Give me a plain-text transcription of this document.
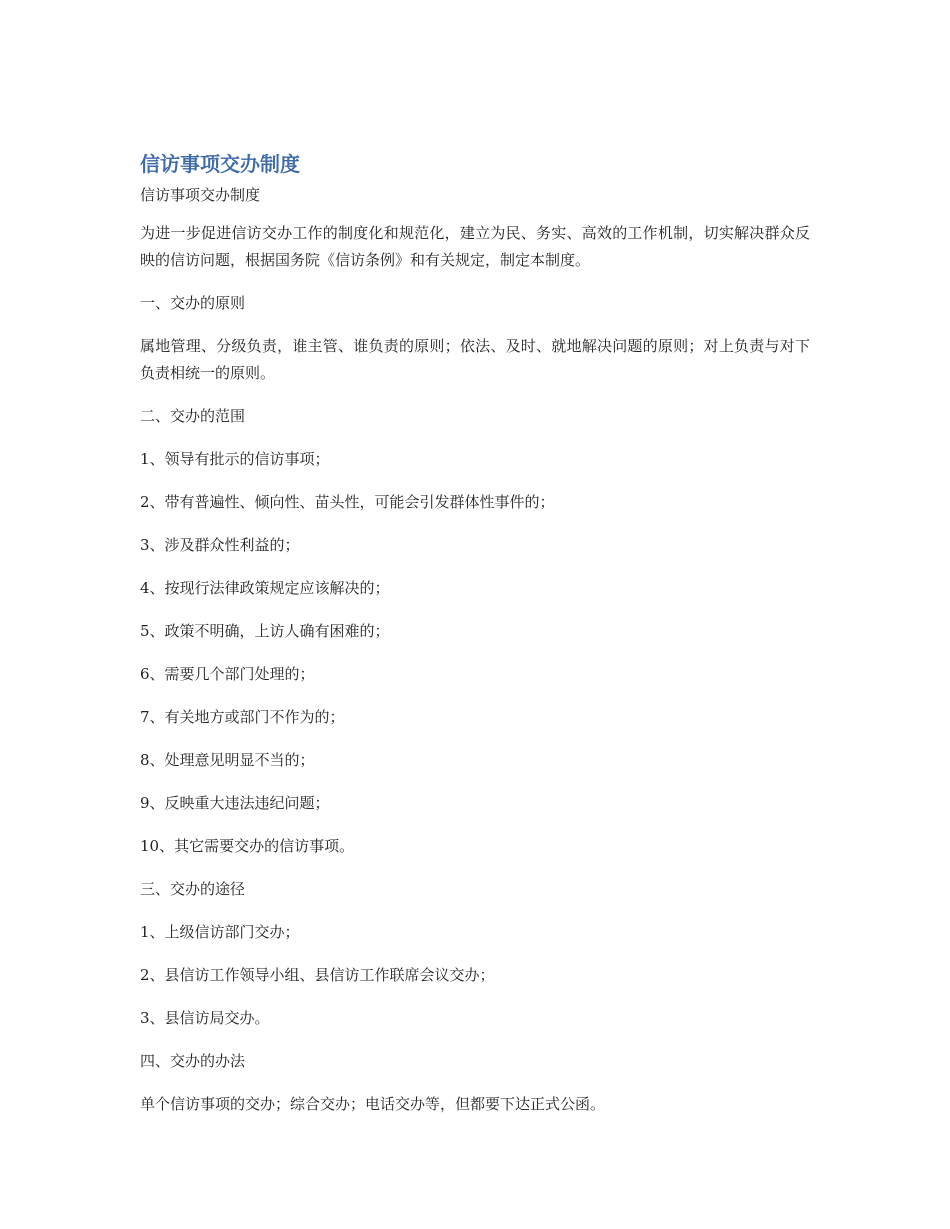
信访事项交办制度

信访事项交办制度

为进一步促进信访交办工作的制度化和规范化，建立为民、务实、高效的工作机制，切实解决群众反映的信访问题，根据国务院《信访条例》和有关规定，制定本制度。

一、交办的原则

属地管理、分级负责，谁主管、谁负责的原则；依法、及时、就地解决问题的原则；对上负责与对下负责相统一的原则。

二、交办的范围

1、领导有批示的信访事项；

2、带有普遍性、倾向性、苗头性，可能会引发群体性事件的；

3、涉及群众性利益的；

4、按现行法律政策规定应该解决的；

5、政策不明确，上访人确有困难的；

6、需要几个部门处理的；

7、有关地方或部门不作为的；

8、处理意见明显不当的；

9、反映重大违法违纪问题；

10、其它需要交办的信访事项。

三、交办的途径

1、上级信访部门交办；

2、县信访工作领导小组、县信访工作联席会议交办；

3、县信访局交办。

四、交办的办法

单个信访事项的交办；综合交办；电话交办等，但都要下达正式公函。
